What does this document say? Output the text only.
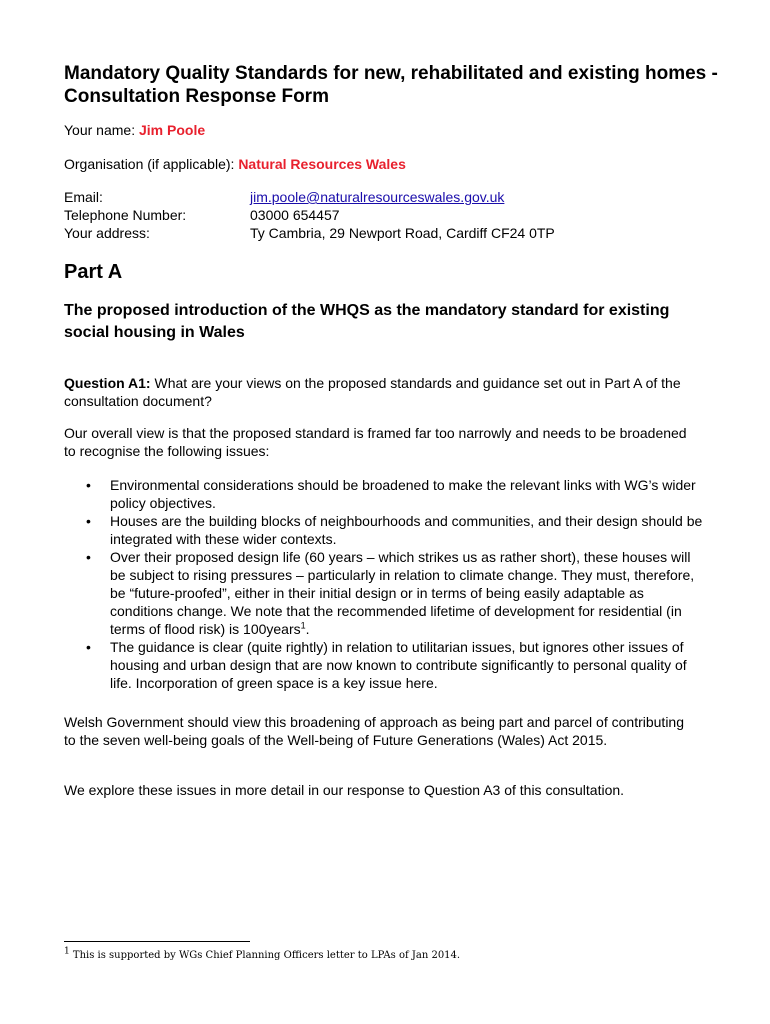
Mandatory Quality Standards for new, rehabilitated and existing homes - Consultation Response Form
Your name: Jim Poole
Organisation (if applicable): Natural Resources Wales
Email:	jim.poole@naturalresourceswales.gov.uk
Telephone Number:	03000 654457
Your address:	Ty Cambria, 29 Newport Road, Cardiff CF24 0TP
Part A
The proposed introduction of the WHQS as the mandatory standard for existing social housing in Wales
Question A1: What are your views on the proposed standards and guidance set out in Part A of the consultation document?
Our overall view is that the proposed standard is framed far too narrowly and needs to be broadened to recognise the following issues:
• Environmental considerations should be broadened to make the relevant links with WG’s wider policy objectives.
• Houses are the building blocks of neighbourhoods and communities, and their design should be integrated with these wider contexts.
• Over their proposed design life (60 years – which strikes us as rather short), these houses will be subject to rising pressures – particularly in relation to climate change. They must, therefore, be “future-proofed”, either in their initial design or in terms of being easily adaptable as conditions change. We note that the recommended lifetime of development for residential (in terms of flood risk) is 100years$^1$.
• The guidance is clear (quite rightly) in relation to utilitarian issues, but ignores other issues of housing and urban design that are now known to contribute significantly to personal quality of life. Incorporation of green space is a key issue here.
Welsh Government should view this broadening of approach as being part and parcel of contributing to the seven well-being goals of the Well-being of Future Generations (Wales) Act 2015.
We explore these issues in more detail in our response to Question A3 of this consultation.
$^1$ This is supported by WGs Chief Planning Officers letter to LPAs of Jan 2014.
